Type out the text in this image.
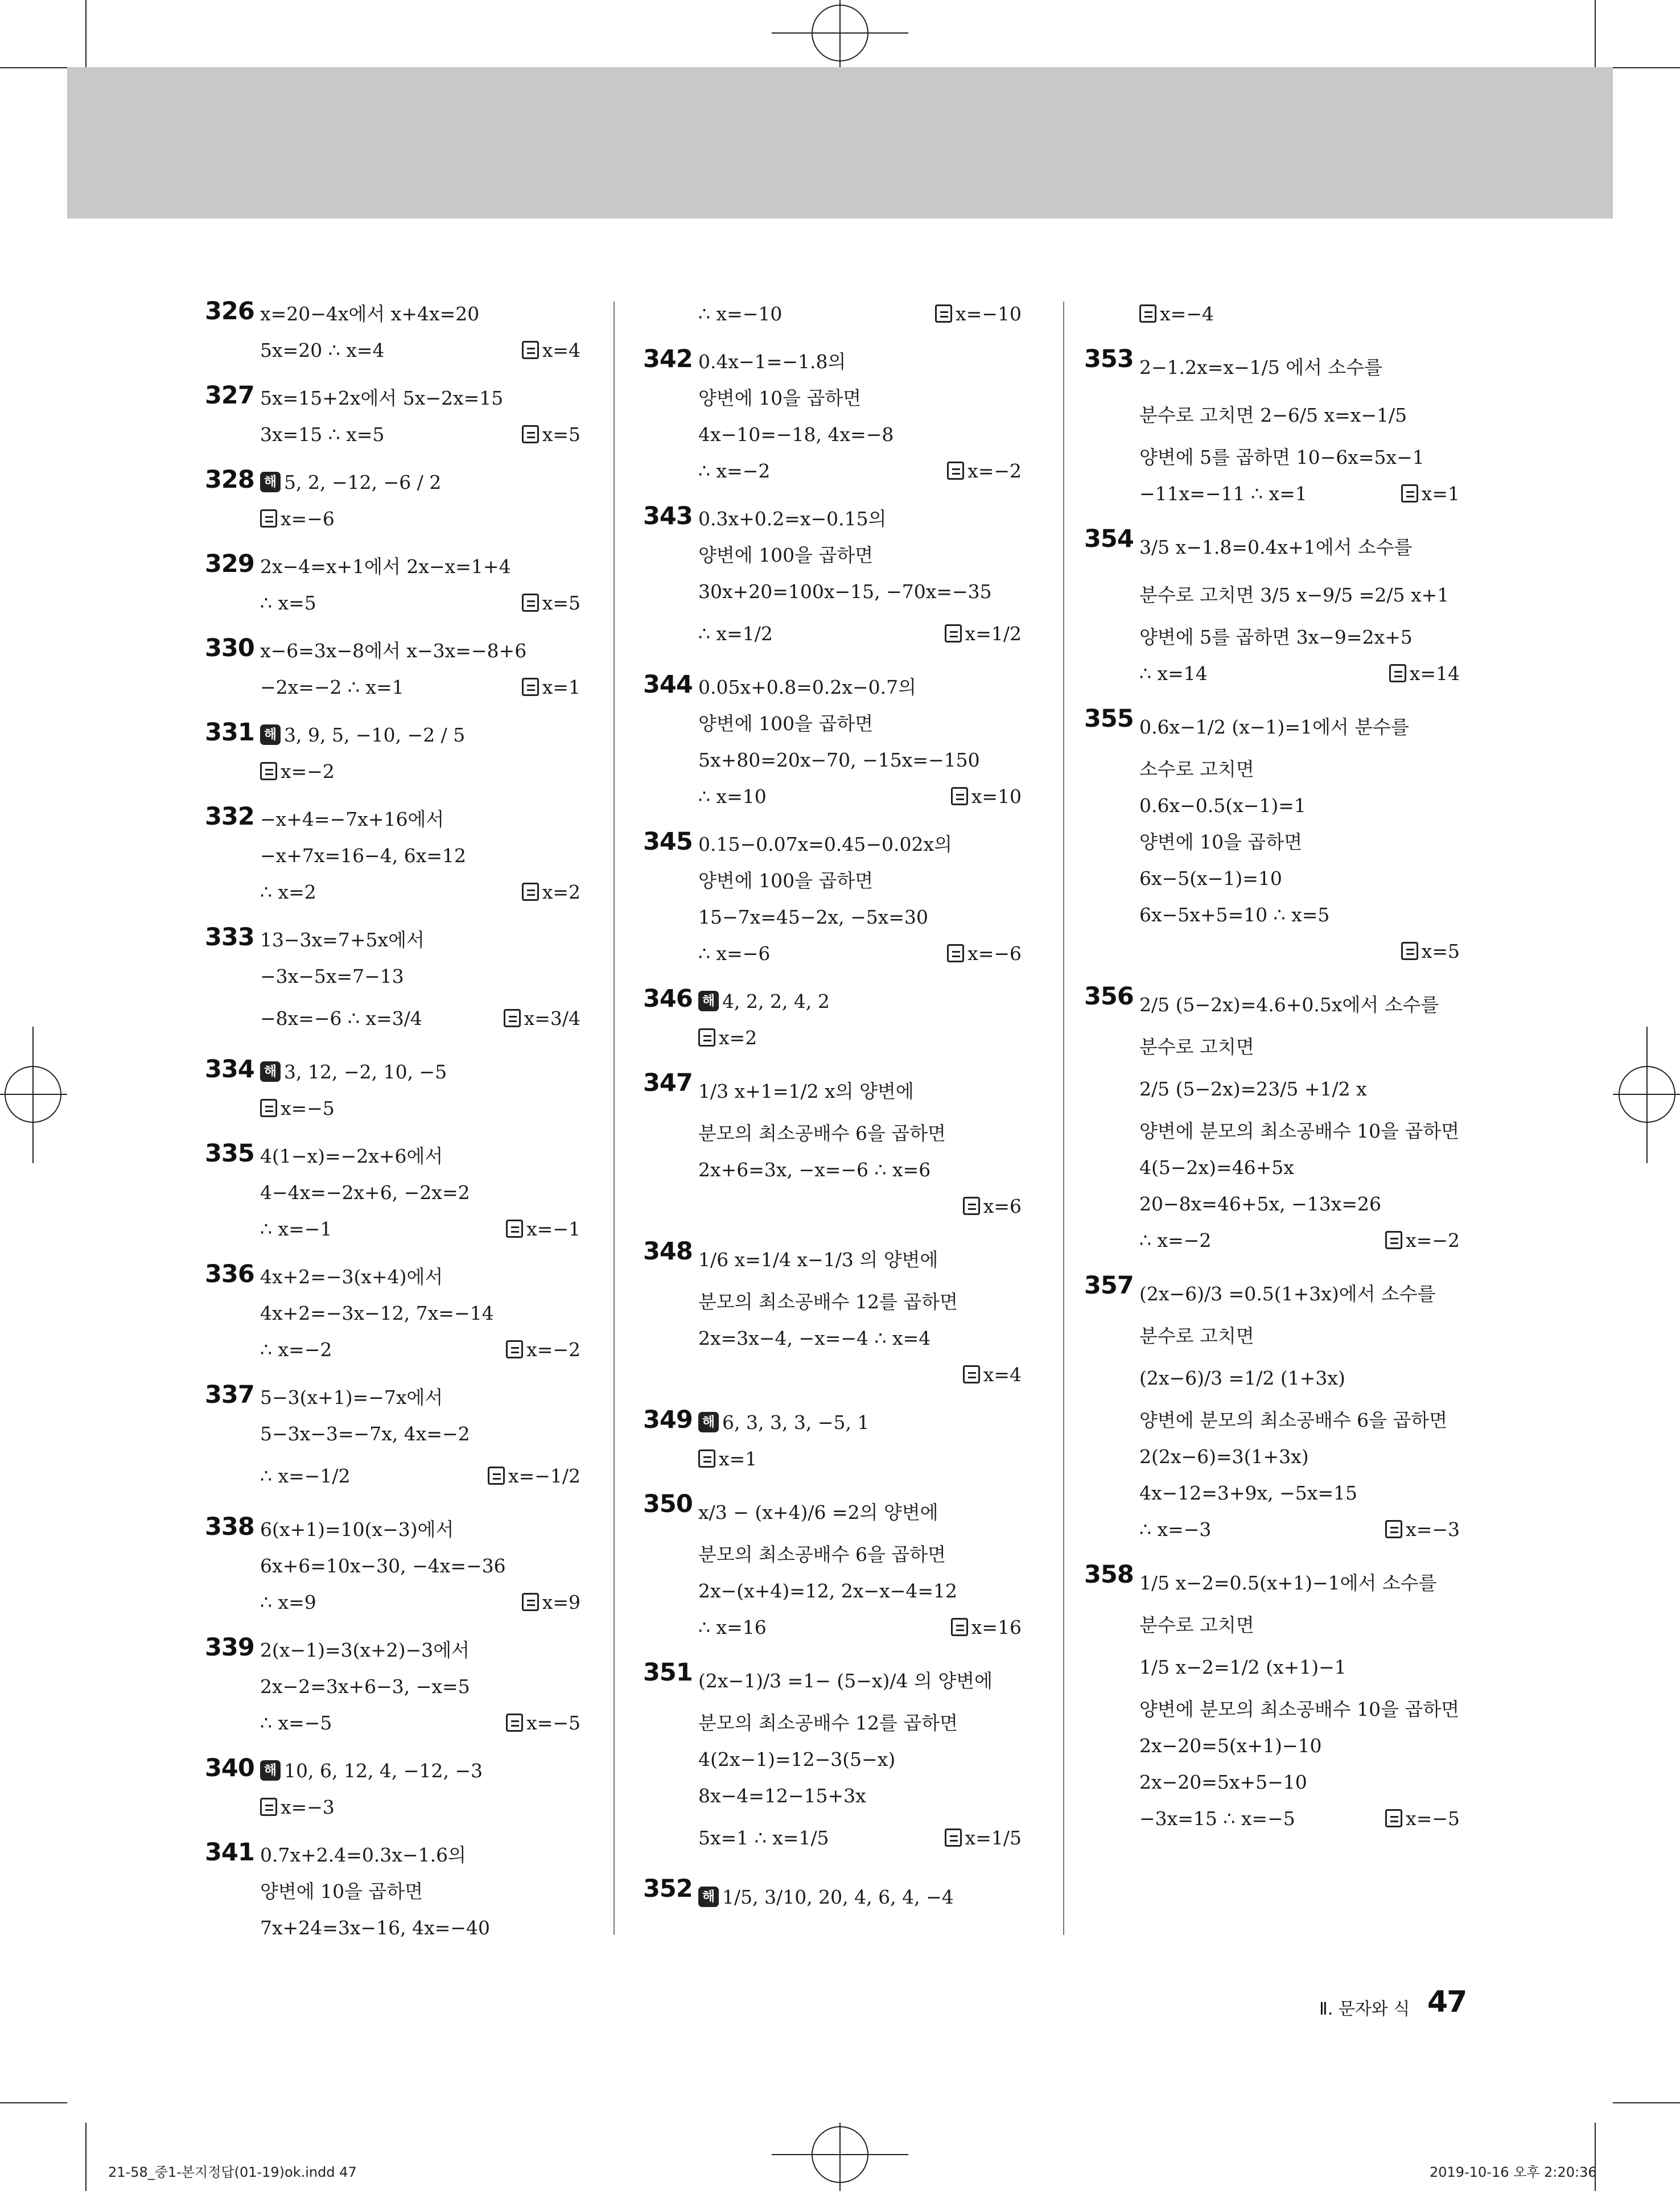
326 x=20−4x에서 x+4x=20
5x=20 ∴ x=4	x=4
327 5x=15+2x에서 5x−2x=15
3x=15 ∴ x=5	x=5
328 해 5, 2, −12, −6 / 2
x=−6
329 2x−4=x+1에서 2x−x=1+4
∴ x=5	x=5
330 x−6=3x−8에서 x−3x=−8+6
−2x=−2 ∴ x=1	x=1
331 해 3, 9, 5, −10, −2 / 5
x=−2
332 −x+4=−7x+16에서
−x+7x=16−4, 6x=12
∴ x=2	x=2
333 13−3x=7+5x에서
−3x−5x=7−13
−8x=−6 ∴ x=3/4	x=3/4
334 해 3, 12, −2, 10, −5
x=−5
335 4(1−x)=−2x+6에서
4−4x=−2x+6, −2x=2
∴ x=−1	x=−1
336 4x+2=−3(x+4)에서
4x+2=−3x−12, 7x=−14
∴ x=−2	x=−2
337 5−3(x+1)=−7x에서
5−3x−3=−7x, 4x=−2
∴ x=−1/2	x=−1/2
338 6(x+1)=10(x−3)에서
6x+6=10x−30, −4x=−36
∴ x=9	x=9
339 2(x−1)=3(x+2)−3에서
2x−2=3x+6−3, −x=5
∴ x=−5	x=−5
340 해 10, 6, 12, 4, −12, −3
x=−3
341 0.7x+2.4=0.3x−1.6의
양변에 10을 곱하면
7x+24=3x−16, 4x=−40
∴ x=−10	x=−10
342 0.4x−1=−1.8의
양변에 10을 곱하면
4x−10=−18, 4x=−8
∴ x=−2	x=−2
343 0.3x+0.2=x−0.15의
양변에 100을 곱하면
30x+20=100x−15, −70x=−35
∴ x=1/2	x=1/2
344 0.05x+0.8=0.2x−0.7의
양변에 100을 곱하면
5x+80=20x−70, −15x=−150
∴ x=10	x=10
345 0.15−0.07x=0.45−0.02x의
양변에 100을 곱하면
15−7x=45−2x, −5x=30
∴ x=−6	x=−6
346 해 4, 2, 2, 4, 2
x=2
347 1/3 x+1=1/2 x의 양변에
분모의 최소공배수 6을 곱하면
2x+6=3x, −x=−6 ∴ x=6
x=6
348 1/6 x=1/4 x−1/3 의 양변에
분모의 최소공배수 12를 곱하면
2x=3x−4, −x=−4 ∴ x=4
x=4
349 해 6, 3, 3, 3, −5, 1
x=1
350 x/3 − (x+4)/6 =2의 양변에
분모의 최소공배수 6을 곱하면
2x−(x+4)=12, 2x−x−4=12
∴ x=16	x=16
351 (2x−1)/3 =1− (5−x)/4 의 양변에
분모의 최소공배수 12를 곱하면
4(2x−1)=12−3(5−x)
8x−4=12−15+3x
5x=1 ∴ x=1/5	x=1/5
352 해 1/5, 3/10, 20, 4, 6, 4, −4
x=−4
353 2−1.2x=x−1/5 에서 소수를
분수로 고치면 2−6/5 x=x−1/5
양변에 5를 곱하면 10−6x=5x−1
−11x=−11 ∴ x=1	x=1
354 3/5 x−1.8=0.4x+1에서 소수를
분수로 고치면 3/5 x−9/5 =2/5 x+1
양변에 5를 곱하면 3x−9=2x+5
∴ x=14	x=14
355 0.6x−1/2 (x−1)=1에서 분수를
소수로 고치면
0.6x−0.5(x−1)=1
양변에 10을 곱하면
6x−5(x−1)=10
6x−5x+5=10 ∴ x=5
x=5
356 2/5 (5−2x)=4.6+0.5x에서 소수를
분수로 고치면
2/5 (5−2x)=23/5 +1/2 x
양변에 분모의 최소공배수 10을 곱하면
4(5−2x)=46+5x
20−8x=46+5x, −13x=26
∴ x=−2	x=−2
357 (2x−6)/3 =0.5(1+3x)에서 소수를
분수로 고치면
(2x−6)/3 =1/2 (1+3x)
양변에 분모의 최소공배수 6을 곱하면
2(2x−6)=3(1+3x)
4x−12=3+9x, −5x=15
∴ x=−3	x=−3
358 1/5 x−2=0.5(x+1)−1에서 소수를
분수로 고치면
1/5 x−2=1/2 (x+1)−1
양변에 분모의 최소공배수 10을 곱하면
2x−20=5(x+1)−10
2x−20=5x+5−10
−3x=15 ∴ x=−5	x=−5
Ⅱ. 문자와 식 47
21-58_중1-본지정답(01-19)ok.indd 47	2019-10-16 오후 2:20:36
